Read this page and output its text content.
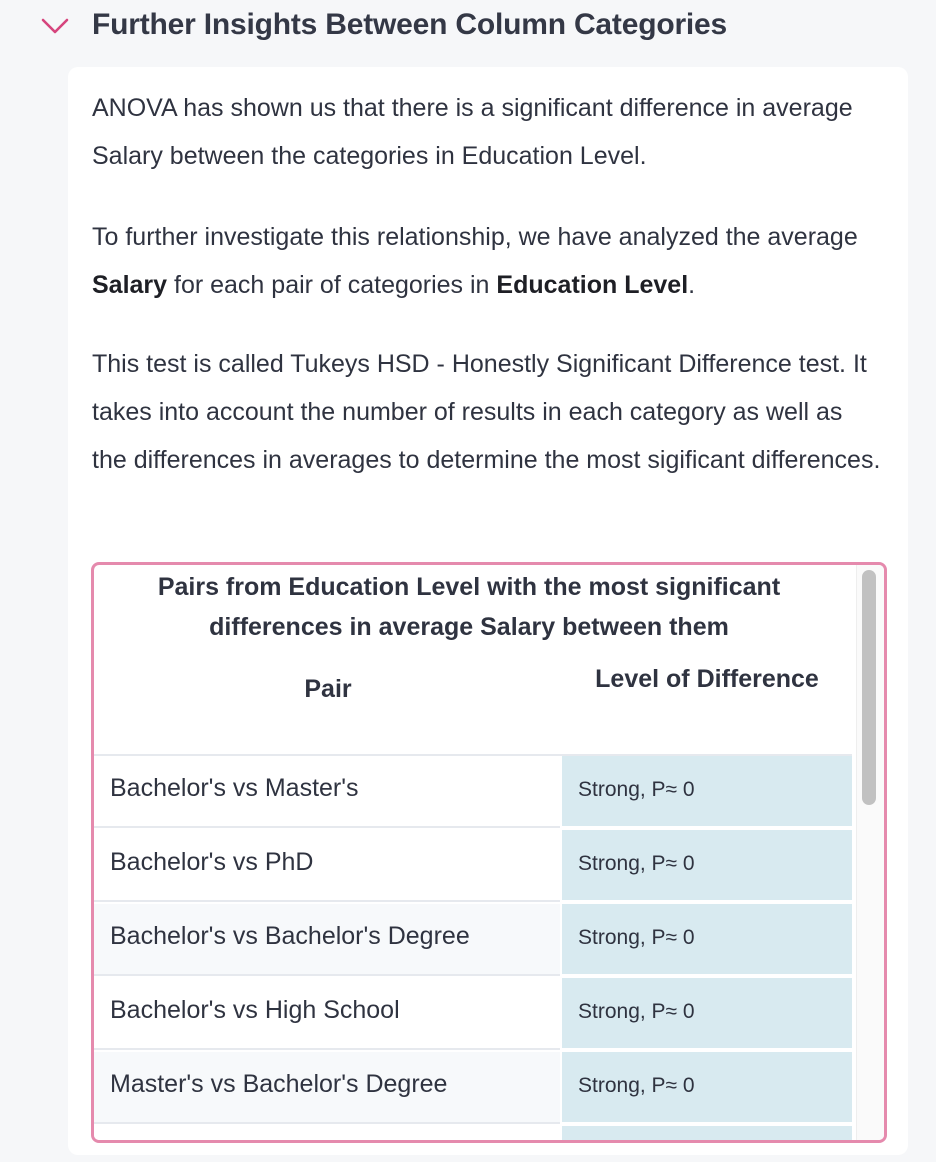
Further Insights Between Column Categories

ANOVA has shown us that there is a significant difference in average Salary between the categories in Education Level.

To further investigate this relationship, we have analyzed the average Salary for each pair of categories in Education Level.

This test is called Tukeys HSD - Honestly Significant Difference test. It takes into account the number of results in each category as well as the differences in averages to determine the most sigificant differences.

Pairs from Education Level with the most significant differences in average Salary between them
Pair	Level of Difference
Bachelor's vs Master's	Strong, P≈ 0
Bachelor's vs PhD	Strong, P≈ 0
Bachelor's vs Bachelor's Degree	Strong, P≈ 0
Bachelor's vs High School	Strong, P≈ 0
Master's vs Bachelor's Degree	Strong, P≈ 0
